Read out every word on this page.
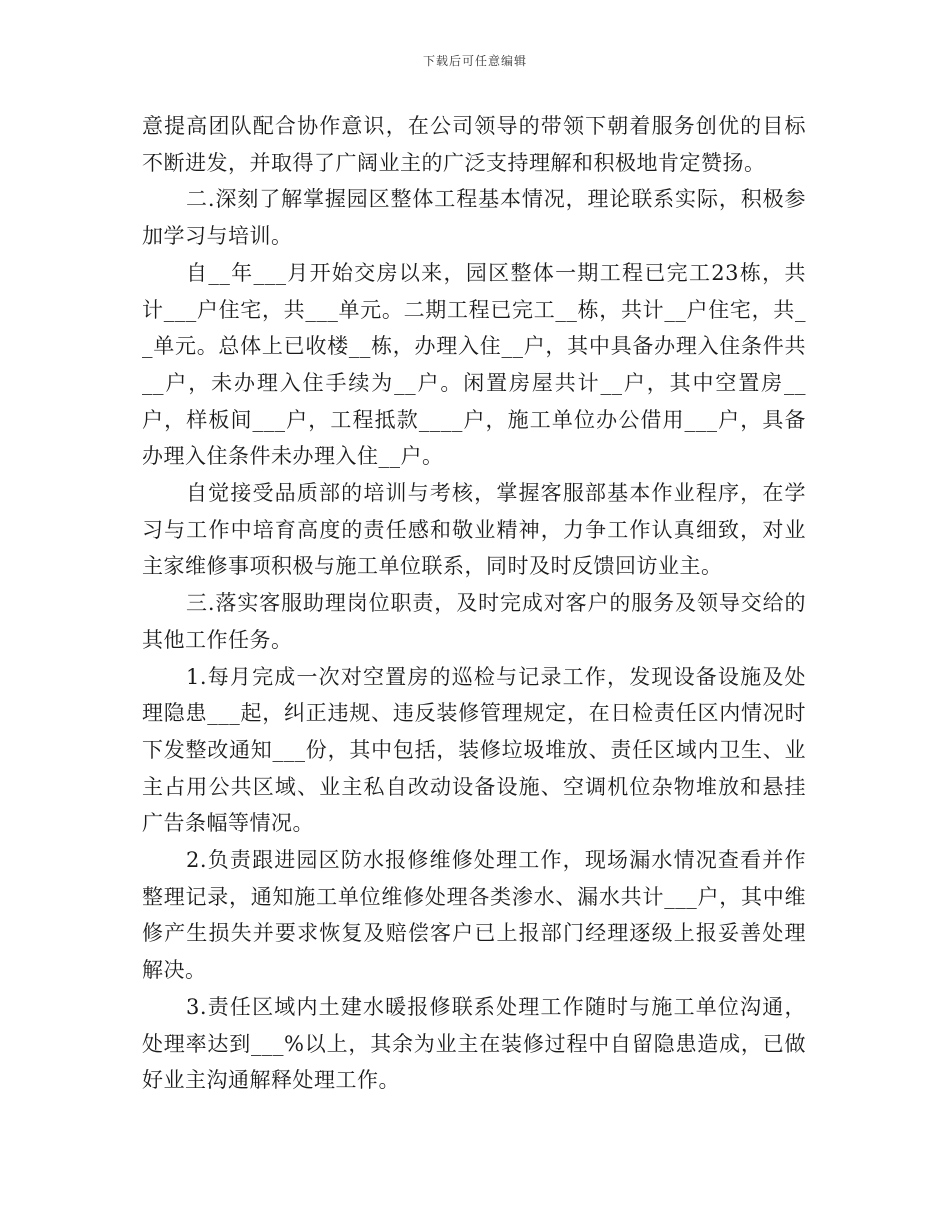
下载后可任意编辑

意提高团队配合协作意识，在公司领导的带领下朝着服务创优的目标不断进发，并取得了广阔业主的广泛支持理解和积极地肯定赞扬。

二.深刻了解掌握园区整体工程基本情况，理论联系实际，积极参加学习与培训。

自__年___月开始交房以来，园区整体一期工程已完工23栋，共计___户住宅，共___单元。二期工程已完工__栋，共计__户住宅，共__单元。总体上已收楼__栋，办理入住__户，其中具备办理入住条件共__户，未办理入住手续为__户。闲置房屋共计__户，其中空置房__户，样板间___户，工程抵款____户，施工单位办公借用___户，具备办理入住条件未办理入住__户。

自觉接受品质部的培训与考核，掌握客服部基本作业程序，在学习与工作中培育高度的责任感和敬业精神，力争工作认真细致，对业主家维修事项积极与施工单位联系，同时及时反馈回访业主。

三.落实客服助理岗位职责，及时完成对客户的服务及领导交给的其他工作任务。

1.每月完成一次对空置房的巡检与记录工作，发现设备设施及处理隐患___起，纠正违规、违反装修管理规定，在日检责任区内情况时下发整改通知___份，其中包括，装修垃圾堆放、责任区域内卫生、业主占用公共区域、业主私自改动设备设施、空调机位杂物堆放和悬挂广告条幅等情况。

2.负责跟进园区防水报修维修处理工作，现场漏水情况查看并作整理记录，通知施工单位维修处理各类渗水、漏水共计___户，其中维修产生损失并要求恢复及赔偿客户已上报部门经理逐级上报妥善处理解决。

3.责任区域内土建水暖报修联系处理工作随时与施工单位沟通，处理率达到___%以上，其余为业主在装修过程中自留隐患造成，已做好业主沟通解释处理工作。
